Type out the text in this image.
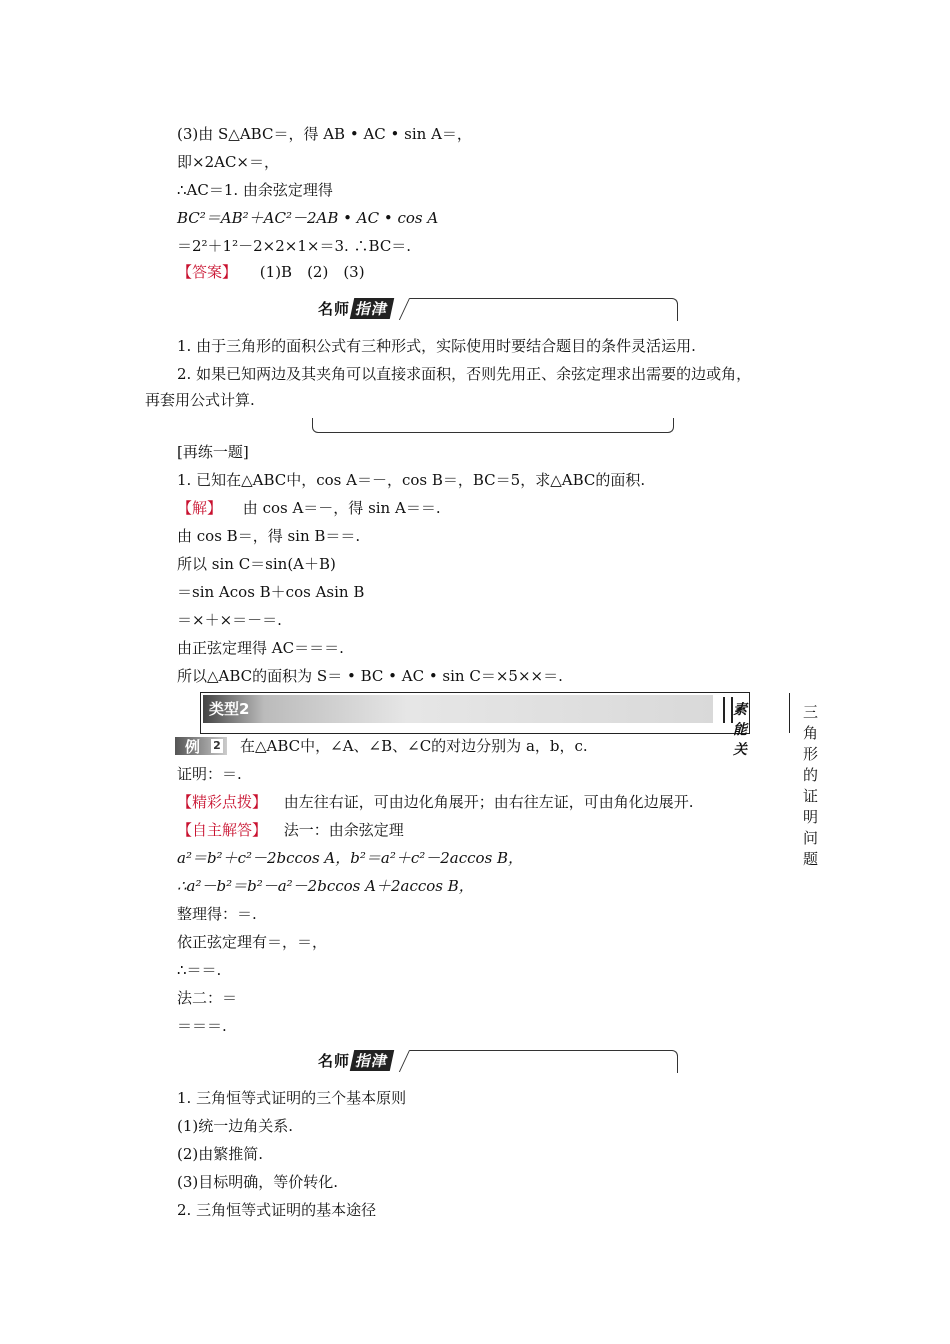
(3)由 S△ABC＝，得 AB • AC • sin A＝，
即×2AC×＝，
∴AC＝1. 由余弦定理得
BC²＝AB²＋AC²－2AB • AC • cos A
＝2²＋1²－2×2×1×＝3. ∴BC＝.
【答案】 (1)B　(2)　(3)
名师 指津
1. 由于三角形的面积公式有三种形式，实际使用时要结合题目的条件灵活运用.
2. 如果已知两边及其夹角可以直接求面积，否则先用正、余弦定理求出需要的边或角，
再套用公式计算.
[再练一题]
1. 已知在△ABC中，cos A＝－，cos B＝，BC＝5，求△ABC的面积.
【解】 由 cos A＝－，得 sin A＝＝.
由 cos B＝，得 sin B＝＝.
所以 sin C＝sin(A＋B)
＝sin Acos B＋cos Asin B
＝×＋×＝－＝.
由正弦定理得 AC＝＝＝.
所以△ABC的面积为 S＝ • BC • AC • sin C＝×5××＝.
类型2	素能关
三角形的证明问题
例 2 在△ABC中，∠A、∠B、∠C的对边分别为 a，b，c.
证明：＝.
【精彩点拨】 由左往右证，可由边化角展开；由右往左证，可由角化边展开.
【自主解答】 法一：由余弦定理
a²＝b²＋c²－2bccos A，b²＝a²＋c²－2accos B，
∴a²－b²＝b²－a²－2bccos A＋2accos B，
整理得：＝.
依正弦定理有＝，＝，
∴＝＝.
法二：＝
＝＝＝.
名师 指津
1. 三角恒等式证明的三个基本原则
(1)统一边角关系.
(2)由繁推简.
(3)目标明确，等价转化.
2. 三角恒等式证明的基本途径
